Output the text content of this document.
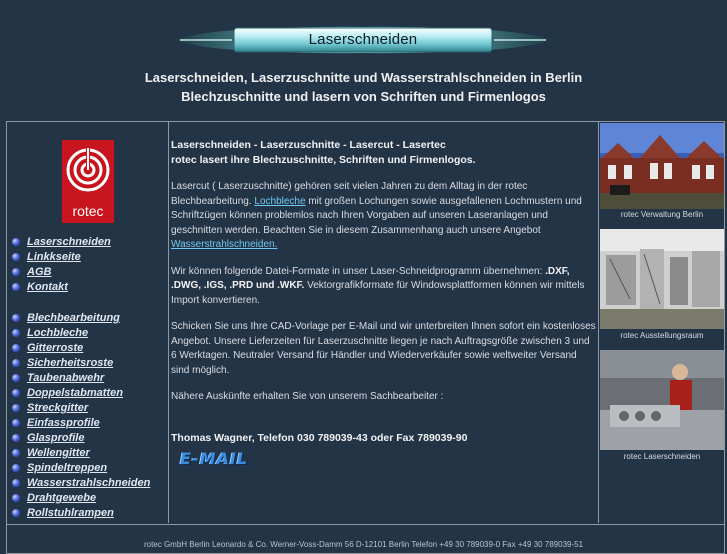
Laserschneiden
Laserschneiden, Laserzuschnitte und Wasserstrahlschneiden in Berlin
Blechzuschnitte und lasern von Schriften und Firmenlogos
rotec
Laserschneiden
Linkkseite
AGB
Kontakt
Blechbearbeitung
Lochbleche
Gitterroste
Sicherheitsroste
Taubenabwehr
Doppelstabmatten
Streckgitter
Einfassprofile
Glasprofile
Wellengitter
Spindeltreppen
Wasserstrahlschneiden
Drahtgewebe
Rollstuhlrampen

Laserschneiden - Laserzuschnitte - Lasercut - Lasertec

rotec lasert ihre Blechzuschnitte, Schriften und Firmenlogos.

Lasercut ( Laserzuschnitte) gehören seit vielen Jahren zu dem Alltag in der rotec Blechbearbeitung. Lochbleche mit großen Lochungen sowie ausgefallenen Lochmustern und Schriftzügen können problemlos nach Ihren Vorgaben auf unseren Laseranlagen und geschnitten werden. Beachten Sie in diesem Zusammenhang auch unsere Angebot Wasserstrahlschneiden.

Wir können folgende Datei-Formate in unser Laser-Schneidprogramm übernehmen: .DXF, .DWG, .IGS, .PRD und .WKF. Vektorgrafikformate für Windowsplattformen können wir mittels Import konvertieren.

Schicken Sie uns Ihre CAD-Vorlage per E-Mail und wir unterbreiten Ihnen sofort ein kostenloses Angebot. Unsere Lieferzeiten für Laserzuschnitte liegen je nach Auftragsgröße zwischen 3 und 6 Werktagen. Neutraler Versand für Händler und Wiederverkäufer sowie weltweiter Versand sind möglich.

Nähere Auskünfte erhalten Sie von unserem Sachbearbeiter :

Thomas Wagner, Telefon 030 789039-43 oder Fax 789039-90

E-MAIL
rotec Verwaltung Berlin
rotec Ausstellungsraum
rotec Laserschneiden
rotec GmbH Berlin Leonardo & Co. Werner-Voss-Damm 56 D-12101 Berlin Telefon +49 30 789039-0 Fax +49 30 789039-51
